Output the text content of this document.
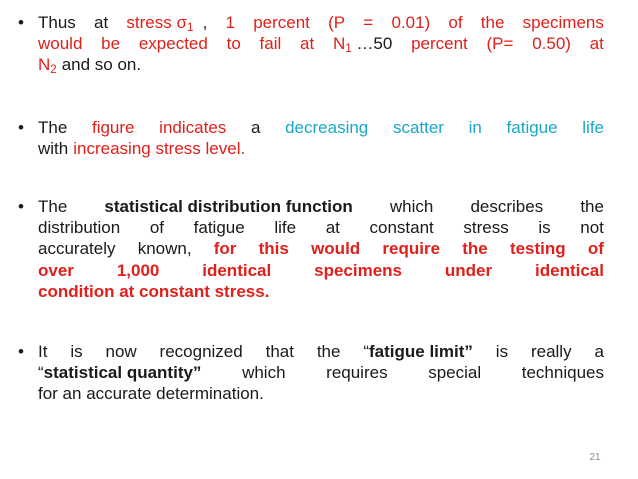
• Thus at stress $\sigma_1$ , 1 percent (P = 0.01) of the specimens
would be expected to fail at $N_1$ …50 percent (P= 0.50) at
$N_2$ and so on.
• The figure indicates a decreasing scatter in fatigue life
with increasing stress level.
• The statistical distribution function which describes the
distribution of fatigue life at constant stress is not
accurately known, for this would require the testing of
over	1,000	identical	specimens	under	identical
condition at constant stress.
• It is now recognized that the “fatigue limit” is really a
“statistical quantity” which requires special techniques
for an accurate determination.
21
